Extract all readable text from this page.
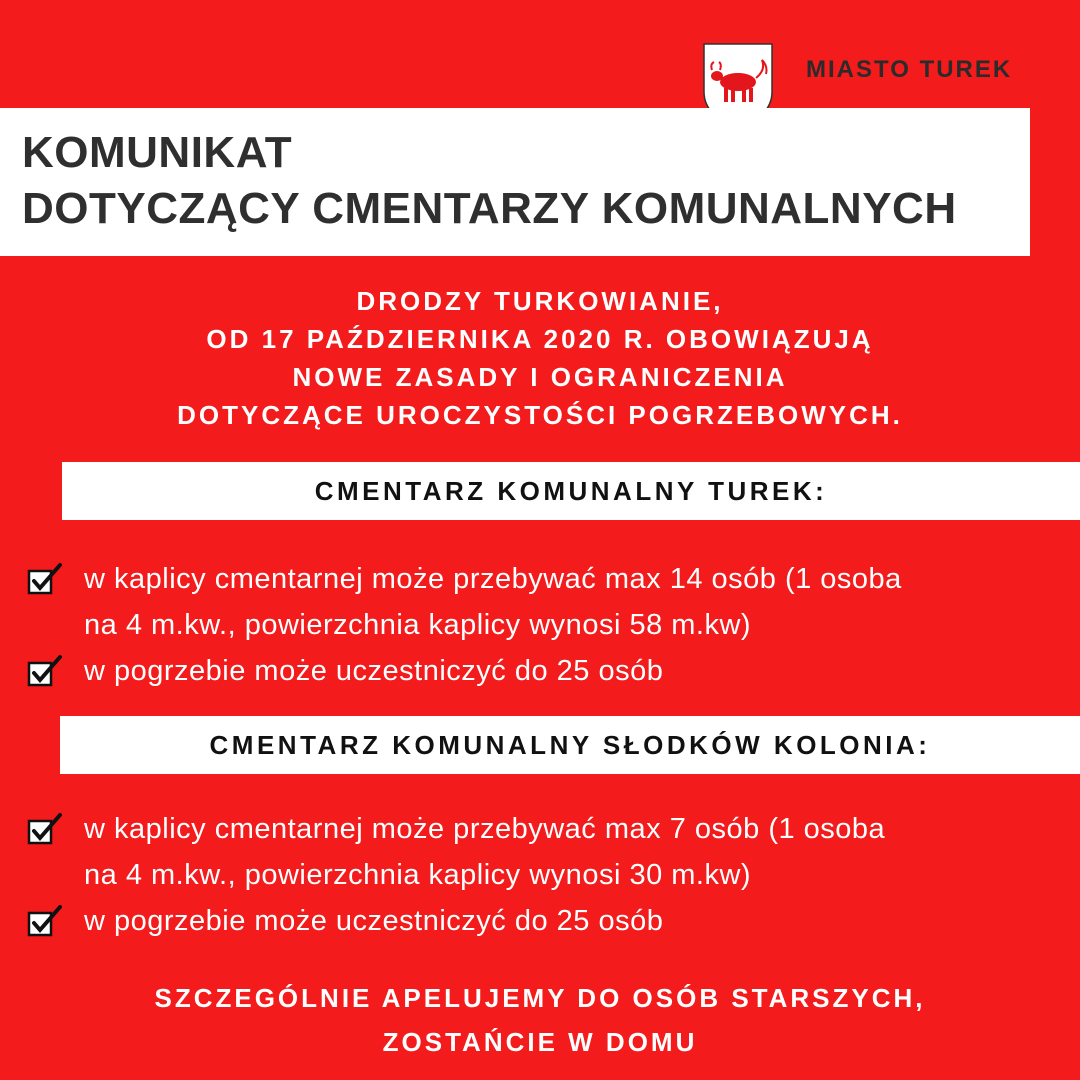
MIASTO TUREK
KOMUNIKAT
DOTYCZĄCY CMENTARZY KOMUNALNYCH
DRODZY TURKOWIANIE,
OD 17 PAŹDZIERNIKA 2020 R. OBOWIĄZUJĄ
NOWE ZASADY I OGRANICZENIA
DOTYCZĄCE UROCZYSTOŚCI POGRZEBOWYCH.
CMENTARZ KOMUNALNY TUREK:
w kaplicy cmentarnej może przebywać max 14 osób (1 osoba
na 4 m.kw., powierzchnia kaplicy wynosi 58 m.kw)
w pogrzebie może uczestniczyć do 25 osób
CMENTARZ KOMUNALNY SŁODKÓW KOLONIA:
w kaplicy cmentarnej może przebywać max 7 osób (1 osoba
na 4 m.kw., powierzchnia kaplicy wynosi 30 m.kw)
w pogrzebie może uczestniczyć do 25 osób
SZCZEGÓLNIE APELUJEMY DO OSÓB STARSZYCH,
ZOSTAŃCIE W DOMU
